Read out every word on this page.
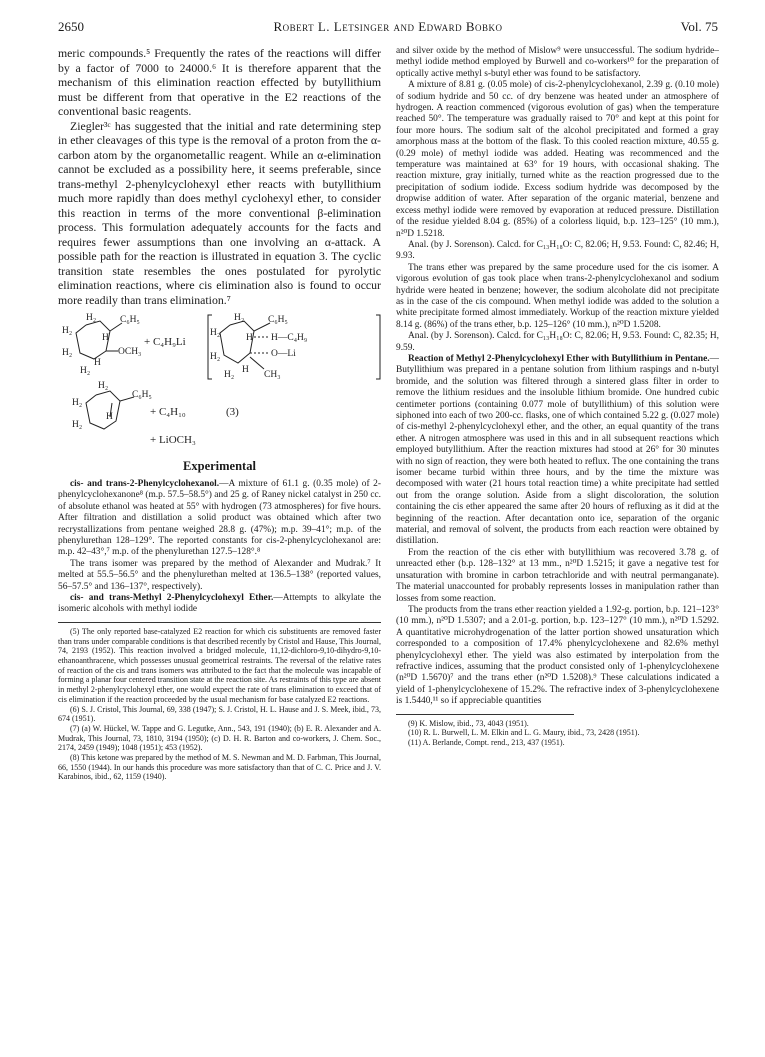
2650	Robert L. Letsinger and Edward Bobko	Vol. 75

meric compounds.⁵ Frequently the rates of the reactions will differ by a factor of 7000 to 24000.⁶ It is therefore apparent that the mechanism of this elimination reaction effected by butyllithium must be different from that operative in the E2 reactions of the conventional basic reagents.

Ziegler³ᶜ has suggested that the initial and rate determining step in ether cleavages of this type is the removal of a proton from the α-carbon atom by the organometallic reagent. While an α-elimination cannot be excluded as a possibility here, it seems preferable, since trans-methyl 2-phenylcyclohexyl ether reacts with butyllithium much more rapidly than does methyl cyclohexyl ether, to consider this reaction in terms of the more conventional β-elimination process. This formulation adequately accounts for the facts and requires fewer assumptions than one involving an α-attack. A possible path for the reaction is illustrated in equation 3. The cyclic transition state resembles the ones postulated for pyrolytic elimination reactions, where cis elimination also is found to occur more readily than trans elimination.⁷

H₂	C₆H₅
H₂
H
H₂	OCH₃
H
H₂
+ C₄H₉Li
H₂	C₆H₅
H H—C₄H₉
H₂
O—Li
H₂
H CH₃
H₂
H₂
C₆H₅
H₂
H₂
H	+ C₄H₁₀	(3)
+ LiOCH₃
Experimental

cis- and trans-2-Phenylcyclohexanol.—A mixture of 61.1 g. (0.35 mole) of 2-phenylcyclohexanone⁸ (m.p. 57.5–58.5°) and 25 g. of Raney nickel catalyst in 250 cc. of absolute ethanol was heated at 55° with hydrogen (73 atmospheres) for five hours. After filtration and distillation a solid product was obtained which after two recrystallizations from pentane weighed 28.8 g. (47%); m.p. 39–41°; m.p. of the phenylurethan 128–129°. The reported constants for cis-2-phenylcyclohexanol are: m.p. 42–43°,⁷ m.p. of the phenylurethan 127.5–128°.⁸

The trans isomer was prepared by the method of Alexander and Mudrak.⁷ It melted at 55.5–56.5° and the phenylurethan melted at 136.5–138° (reported values, 56–57.5° and 136–137°, respectively).

cis- and trans-Methyl 2-Phenylcyclohexyl Ether.—Attempts to alkylate the isomeric alcohols with methyl iodide

(5) The only reported base-catalyzed E2 reaction for which cis substituents are removed faster than trans under comparable conditions is that described recently by Cristol and Hause, This Journal, 74, 2193 (1952). This reaction involved a bridged molecule, 11,12-dichloro-9,10-dihydro-9,10-ethanoanthracene, which possesses unusual geometrical restraints. The reversal of the relative rates of reaction of the cis and trans isomers was attributed to the fact that the molecule was incapable of forming a planar four centered transition state at the reaction site. As restraints of this type are absent in methyl 2-phenylcyclohexyl ether, one would expect the rate of trans elimination to exceed that of cis elimination if the reaction proceeded by the usual mechanism for base catalyzed E2 reactions.

(6) S. J. Cristol, This Journal, 69, 338 (1947); S. J. Cristol, H. L. Hause and J. S. Meek, ibid., 73, 674 (1951).

(7) (a) W. Hückel, W. Tappe and G. Legutke, Ann., 543, 191 (1940); (b) E. R. Alexander and A. Mudrak, This Journal, 73, 1810, 3194 (1950); (c) D. H. R. Barton and co-workers, J. Chem. Soc., 2174, 2459 (1949); 1048 (1951); 453 (1952).

(8) This ketone was prepared by the method of M. S. Newman and M. D. Farbman, This Journal, 66, 1550 (1944). In our hands this procedure was more satisfactory than that of C. C. Price and J. V. Karabinos, ibid., 62, 1159 (1940).

and silver oxide by the method of Mislow⁹ were unsuccessful. The sodium hydride–methyl iodide method employed by Burwell and co-workers¹⁰ for the preparation of optically active methyl s-butyl ether was found to be satisfactory.

A mixture of 8.81 g. (0.05 mole) of cis-2-phenylcyclohexanol, 2.39 g. (0.10 mole) of sodium hydride and 50 cc. of dry benzene was heated under an atmosphere of hydrogen. A reaction commenced (vigorous evolution of gas) when the temperature reached 50°. The temperature was gradually raised to 70° and kept at this point for four more hours. The sodium salt of the alcohol precipitated and formed a gray amorphous mass at the bottom of the flask. To this cooled reaction mixture, 40.55 g. (0.29 mole) of methyl iodide was added. Heating was recommenced and the temperature was maintained at 63° for 19 hours, with occasional shaking. The reaction mixture, gray initially, turned white as the reaction progressed due to the precipitation of sodium iodide. Excess sodium hydride was decomposed by the dropwise addition of water. After separation of the organic material, benzene and excess methyl iodide were removed by evaporation at reduced pressure. Distillation of the residue yielded 8.04 g. (85%) of a colorless liquid, b.p. 123–125° (10 mm.), n²⁰D 1.5218.

Anal. (by J. Sorenson). Calcd. for C₁₃H₁₈O: C, 82.06; H, 9.53. Found: C, 82.46; H, 9.93.

The trans ether was prepared by the same procedure used for the cis isomer. A vigorous evolution of gas took place when trans-2-phenylcyclohexanol and sodium hydride were heated in benzene; however, the sodium alcoholate did not precipitate as in the case of the cis compound. When methyl iodide was added to the solution a white precipitate formed almost immediately. Workup of the reaction mixture yielded 8.14 g. (86%) of the trans ether, b.p. 125–126° (10 mm.), n²⁰D 1.5208.

Anal. (by J. Sorenson). Calcd. for C₁₃H₁₈O: C, 82.06; H, 9.53. Found: C, 82.35; H, 9.59.

Reaction of Methyl 2-Phenylcyclohexyl Ether with Butyllithium in Pentane.—Butyllithium was prepared in a pentane solution from lithium raspings and n-butyl bromide, and the solution was filtered through a sintered glass filter in order to remove the lithium residues and the insoluble lithium bromide. One hundred cubic centimeter portions (containing 0.077 mole of butyllithium) of this solution were siphoned into each of two 200-cc. flasks, one of which contained 5.22 g. (0.027 mole) of cis-methyl 2-phenylcyclohexyl ether, and the other, an equal quantity of the trans ether. A nitrogen atmosphere was used in this and in all subsequent reactions which employed butyllithium. After the reaction mixtures had stood at 26° for 30 minutes with no sign of reaction, they were both heated to reflux. The one containing the trans isomer became turbid within three hours, and by the time the mixture was decomposed with water (21 hours total reaction time) a white precipitate had settled out from the orange solution. Aside from a slight discoloration, the solution containing the cis ether appeared the same after 20 hours of refluxing as it did at the beginning of the reaction. After decantation onto ice, separation of the organic material, and removal of solvent, the products from each reaction were obtained by distillation.

From the reaction of the cis ether with butyllithium was recovered 3.78 g. of unreacted ether (b.p. 128–132° at 13 mm., n²⁰D 1.5215; it gave a negative test for unsaturation with bromine in carbon tetrachloride and with neutral permanganate). The material unaccounted for probably represents losses in manipulation rather than losses from some reaction.

The products from the trans ether reaction yielded a 1.92-g. portion, b.p. 121–123° (10 mm.), n²⁰D 1.5307; and a 2.01-g. portion, b.p. 123–127° (10 mm.), n²⁰D 1.5292. A quantitative microhydrogenation of the latter portion showed unsaturation which corresponded to a composition of 17.4% phenylcyclohexene and 82.6% methyl phenylcyclohexyl ether. The yield was also estimated by interpolation from the refractive indices, assuming that the product consisted only of 1-phenylcyclohexene (n²⁰D 1.5670)⁷ and the trans ether (n²⁰D 1.5208).⁹ These calculations indicated a yield of 1-phenylcyclohexene of 15.2%. The refractive index of 3-phenylcyclohexene is 1.5440,¹¹ so if appreciable quantities

(9) K. Mislow, ibid., 73, 4043 (1951).

(10) R. L. Burwell, L. M. Elkin and L. G. Maury, ibid., 73, 2428 (1951).

(11) A. Berlande, Compt. rend., 213, 437 (1951).
